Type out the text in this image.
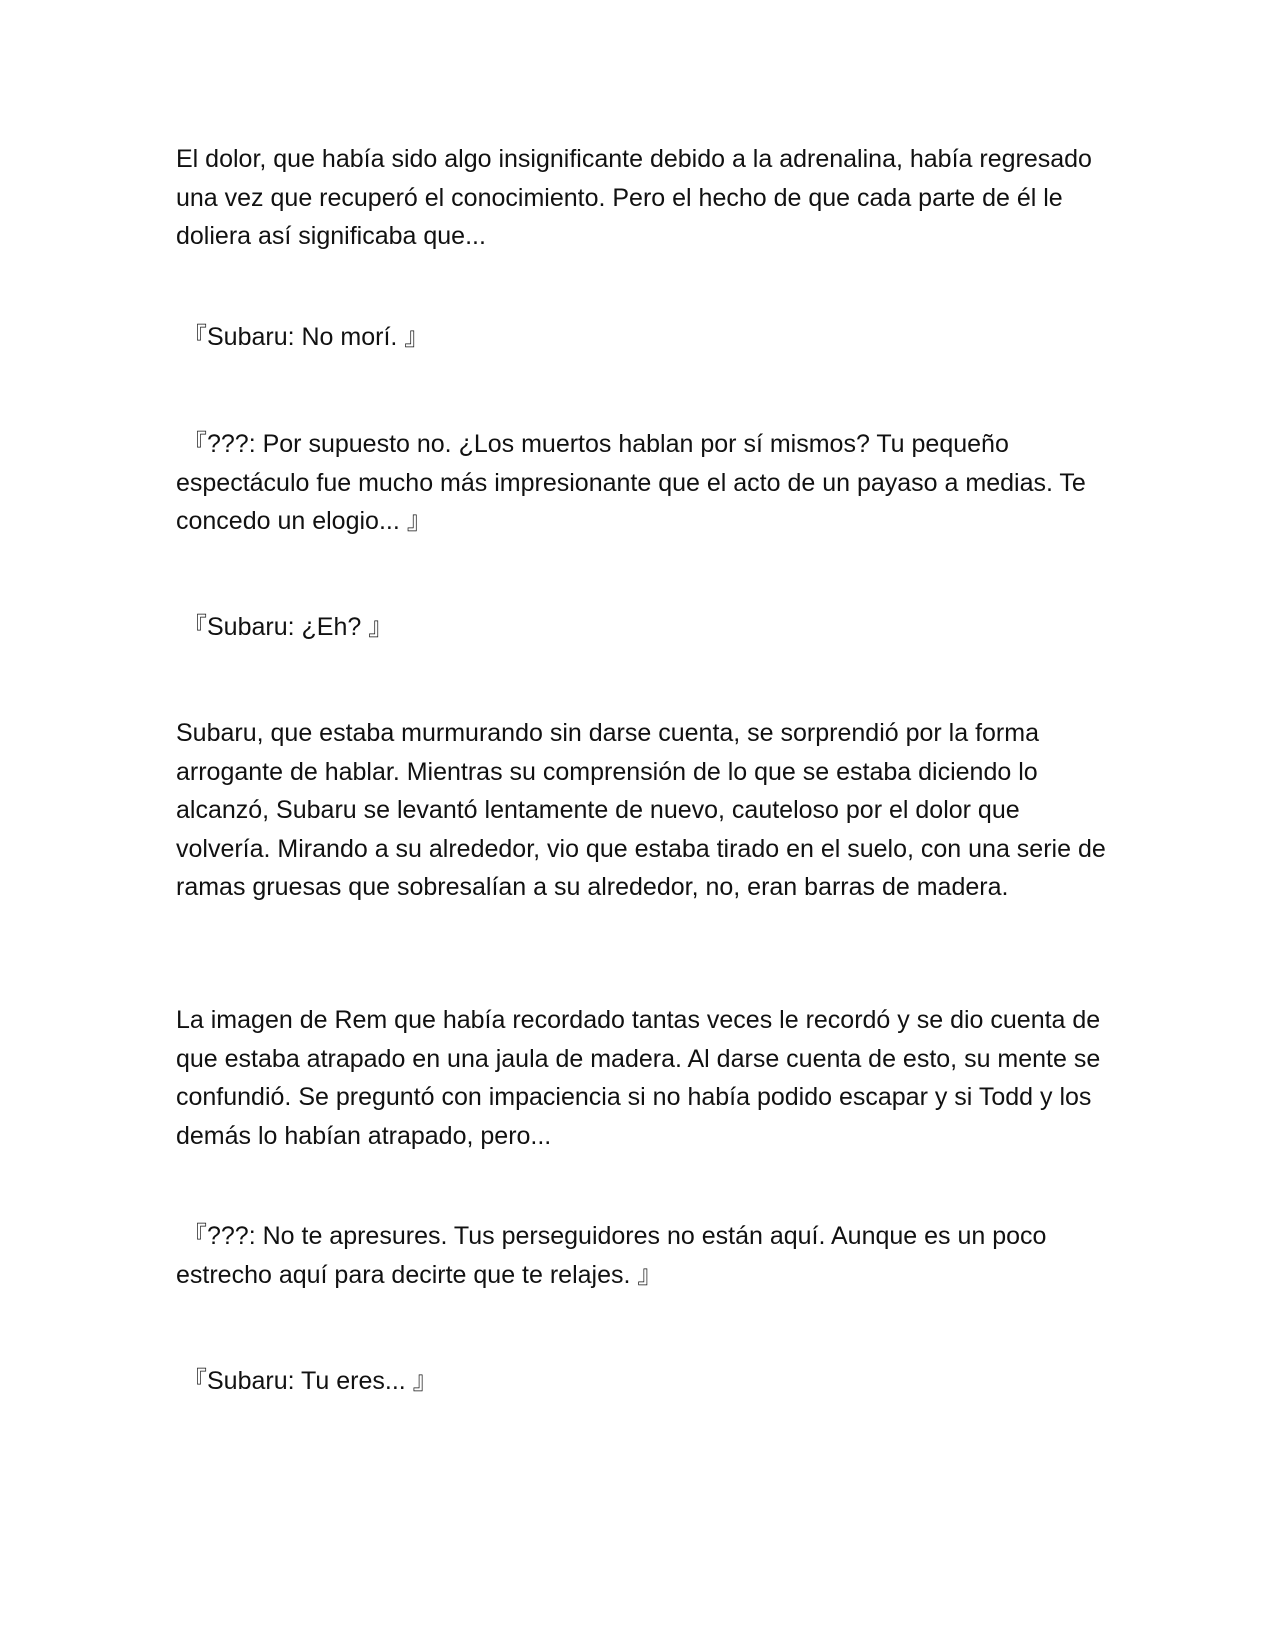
El dolor, que había sido algo insignificante debido a la adrenalina, había regresado una vez que recuperó el conocimiento. Pero el hecho de que cada parte de él le doliera así significaba que...

『Subaru: No morí. 』

『???: Por supuesto no. ¿Los muertos hablan por sí mismos? Tu pequeño espectáculo fue mucho más impresionante que el acto de un payaso a medias. Te concedo un elogio... 』

『Subaru: ¿Eh? 』

Subaru, que estaba murmurando sin darse cuenta, se sorprendió por la forma arrogante de hablar. Mientras su comprensión de lo que se estaba diciendo lo alcanzó, Subaru se levantó lentamente de nuevo, cauteloso por el dolor que volvería. Mirando a su alrededor, vio que estaba tirado en el suelo, con una serie de ramas gruesas que sobresalían a su alrededor, no, eran barras de madera.

La imagen de Rem que había recordado tantas veces le recordó y se dio cuenta de que estaba atrapado en una jaula de madera. Al darse cuenta de esto, su mente se confundió. Se preguntó con impaciencia si no había podido escapar y si Todd y los demás lo habían atrapado, pero...

『???: No te apresures. Tus perseguidores no están aquí. Aunque es un poco estrecho aquí para decirte que te relajes. 』

『Subaru: Tu eres... 』
